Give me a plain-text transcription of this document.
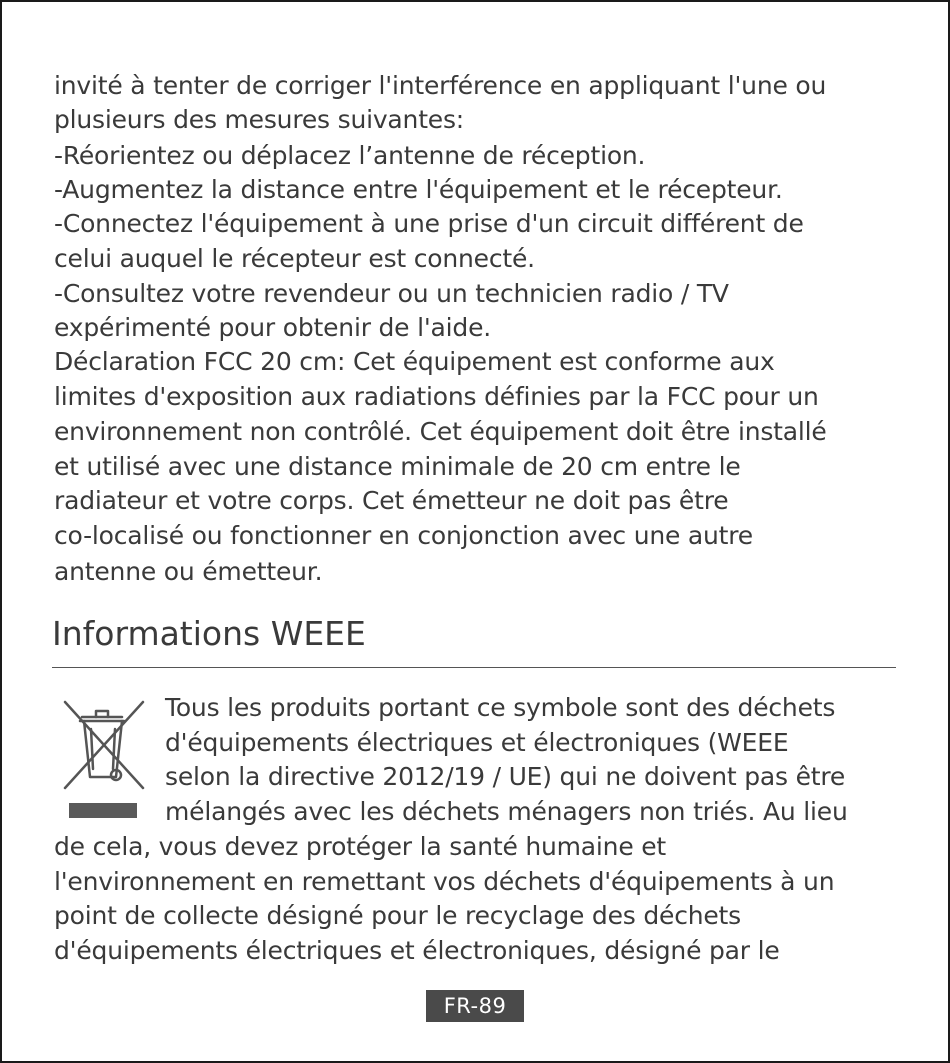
invité à tenter de corriger l'interférence en appliquant l'une ou
plusieurs des mesures suivantes:
-Réorientez ou déplacez l’antenne de réception.
-Augmentez la distance entre l'équipement et le récepteur.
-Connectez l'équipement à une prise d'un circuit différent de
celui auquel le récepteur est connecté.
-Consultez votre revendeur ou un technicien radio / TV
expérimenté pour obtenir de l'aide.
Déclaration FCC 20 cm: Cet équipement est conforme aux
limites d'exposition aux radiations définies par la FCC pour un
environnement non contrôlé. Cet équipement doit être installé
et utilisé avec une distance minimale de 20 cm entre le
radiateur et votre corps. Cet émetteur ne doit pas être
co-localisé ou fonctionner en conjonction avec une autre
antenne ou émetteur.
Informations WEEE
Tous les produits portant ce symbole sont des déchets
d'équipements électriques et électroniques (WEEE
selon la directive 2012/19 / UE) qui ne doivent pas être
mélangés avec les déchets ménagers non triés. Au lieu
de cela, vous devez protéger la santé humaine et
l'environnement en remettant vos déchets d'équipements à un
point de collecte désigné pour le recyclage des déchets
d'équipements électriques et électroniques, désigné par le
FR-89
